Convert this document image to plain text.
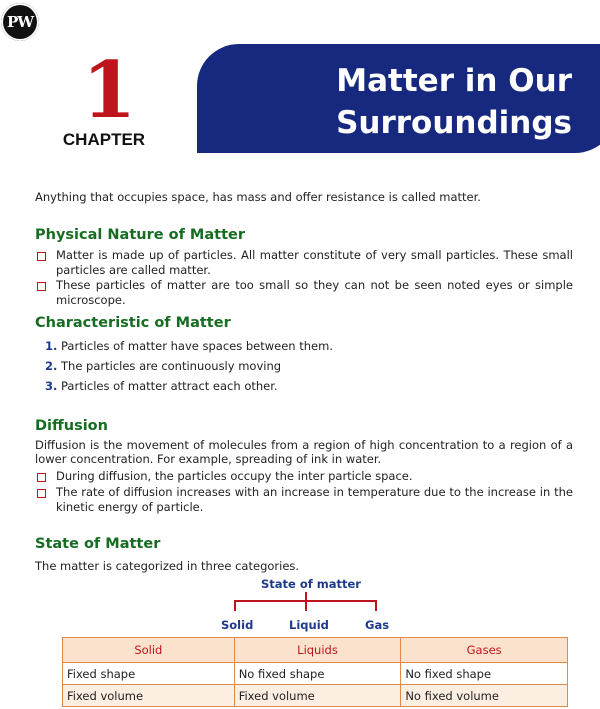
PW
1
CHAPTER
Matter in Our
Surroundings
Anything that occupies space, has mass and offer resistance is called matter.
Physical Nature of Matter
Matter is made up of particles. All matter constitute of very small particles. These small particles are called matter.
These particles of matter are too small so they can not be seen noted eyes or simple microscope.
Characteristic of Matter
1. Particles of matter have spaces between them.
2. The particles are continuously moving
3. Particles of matter attract each other.
Diffusion
Diffusion is the movement of molecules from a region of high concentration to a region of a lower concentration. For example, spreading of ink in water.
During diffusion, the particles occupy the inter particle space.
The rate of diffusion increases with an increase in temperature due to the increase in the kinetic energy of particle.
State of Matter
The matter is categorized in three categories.
State of matter
Solid	Liquid	Gas
Solid	Liquids	Gases
Fixed shape	No fixed shape	No fixed shape
Fixed volume	Fixed volume	No fixed volume
